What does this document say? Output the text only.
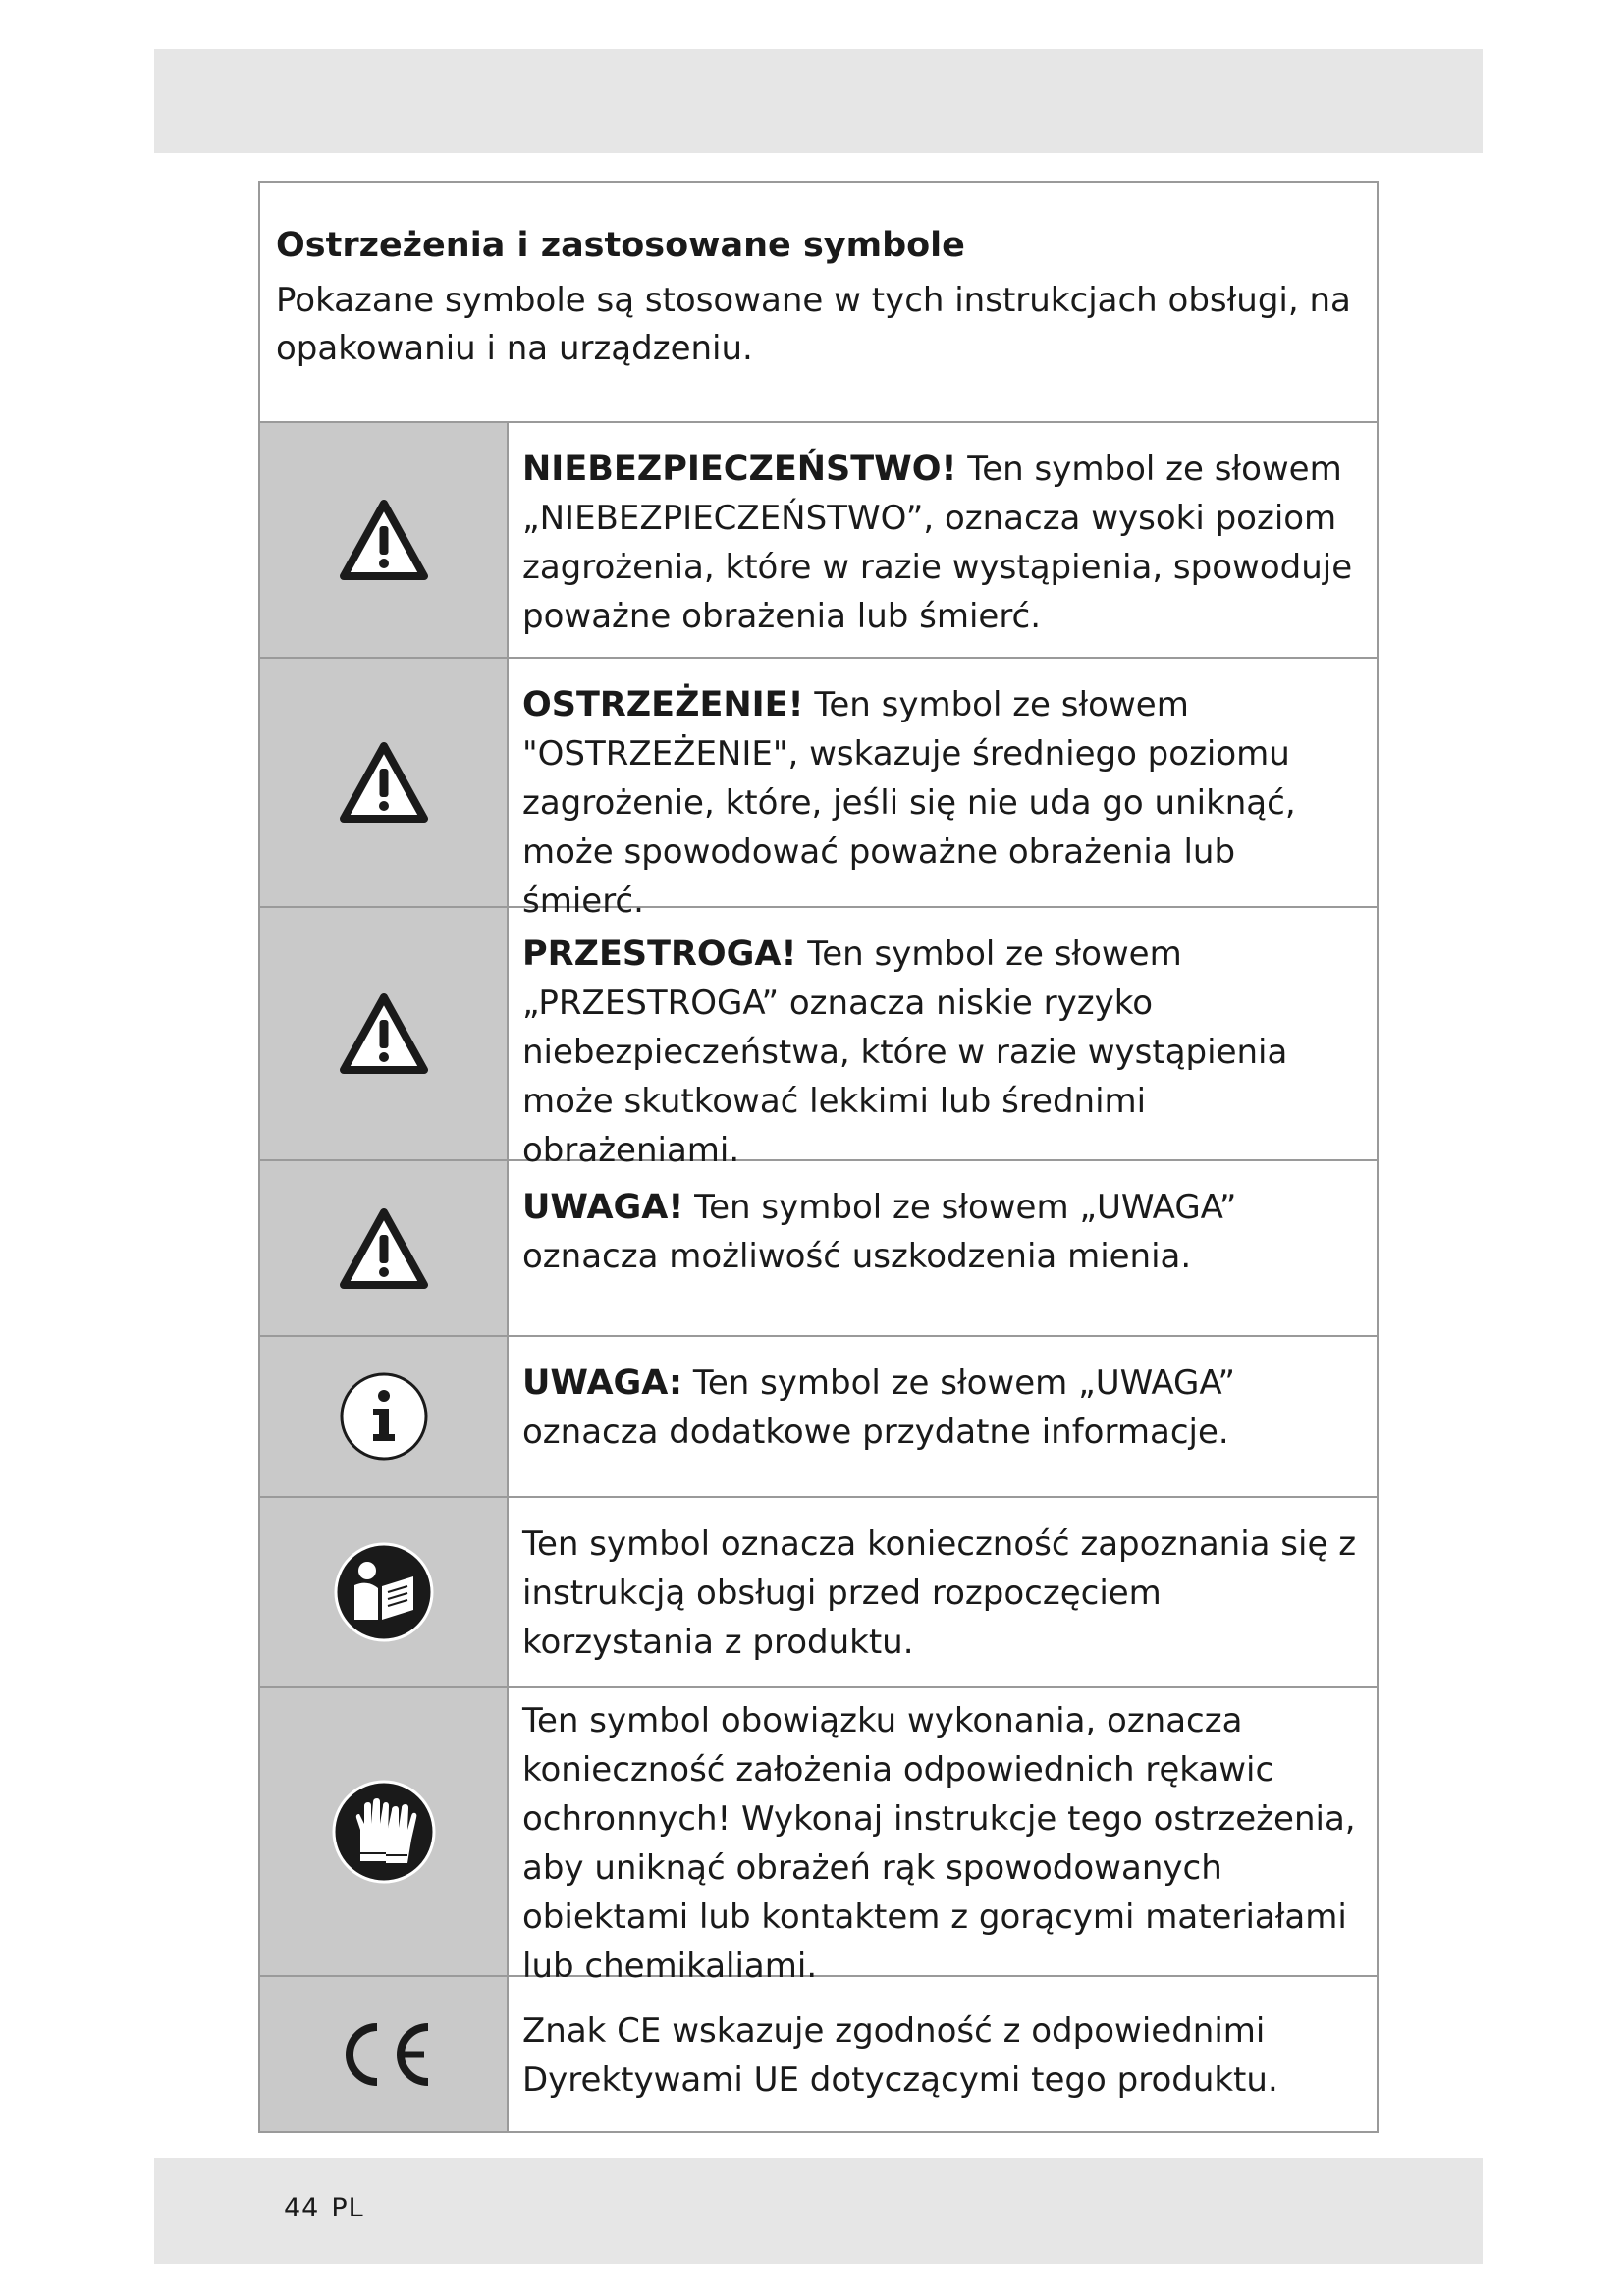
Ostrzeżenia i zastosowane symbole

Pokazane symbole są stosowane w tych instrukcjach obsługi, na opakowaniu i na urządzeniu.

NIEBEZPIECZEŃSTWO! Ten symbol ze słowem „NIEBEZPIECZEŃSTWO”, oznacza wysoki poziom zagrożenia, które w razie wystąpienia, spowoduje poważne obrażenia lub śmierć.
OSTRZEŻENIE! Ten symbol ze słowem "OSTRZEŻENIE", wskazuje średniego poziomu zagrożenie, które, jeśli się nie uda go uniknąć, może spowodować poważne obrażenia lub śmierć.
PRZESTROGA! Ten symbol ze słowem „PRZESTROGA” oznacza niskie ryzyko niebezpieczeństwa, które w razie wystąpienia może skutkować lekkimi lub średnimi obrażeniami.
UWAGA! Ten symbol ze słowem „UWAGA” oznacza możliwość uszkodzenia mienia.
UWAGA: Ten symbol ze słowem „UWAGA” oznacza dodatkowe przydatne informacje.
Ten symbol oznacza konieczność zapoznania się z instrukcją obsługi przed rozpoczęciem korzystania z produktu.
Ten symbol obowiązku wykonania, oznacza konieczność założenia odpowiednich rękawic ochronnych! Wykonaj instrukcje tego ostrzeżenia, aby uniknąć obrażeń rąk spowodowanych obiektami lub kontaktem z gorącymi materiałami lub chemikaliami.
Znak CE wskazuje zgodność z odpowiednimi Dyrektywami UE dotyczącymi tego produktu.
44 PL
